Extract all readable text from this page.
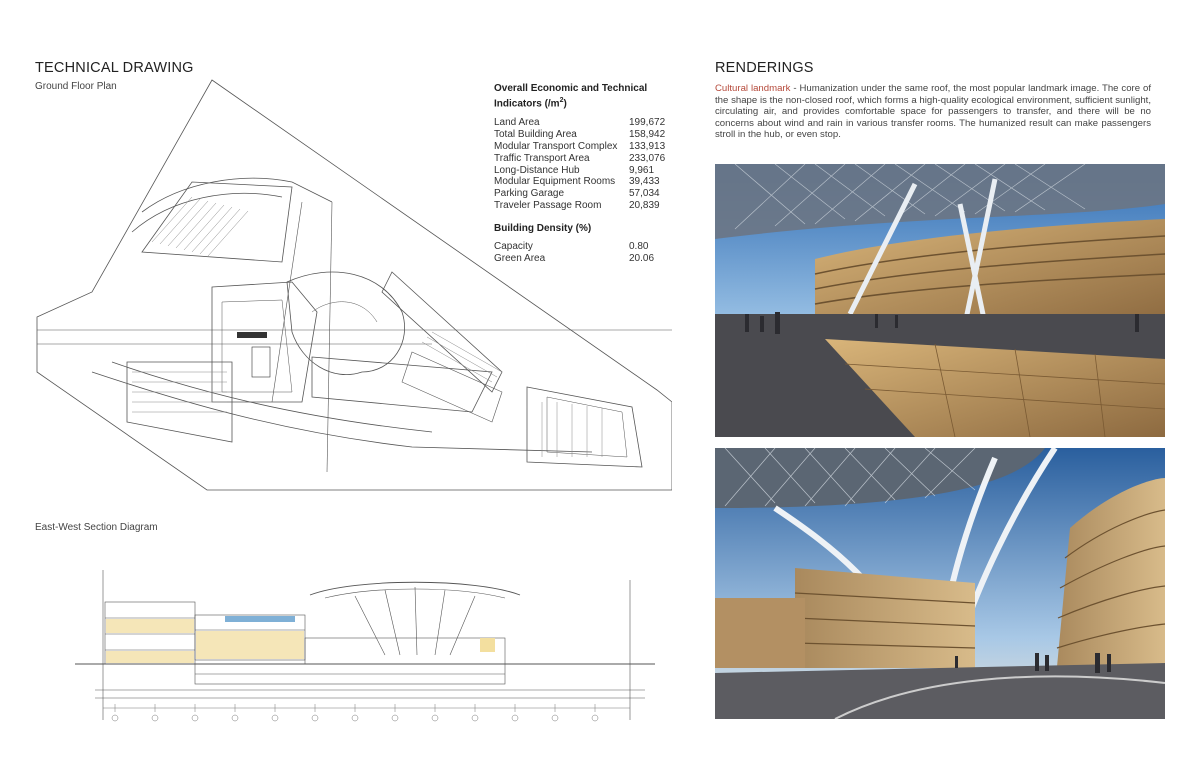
TECHNICAL DRAWING
Ground Floor Plan
East-West Section Diagram
Overall Economic and Technical Indicators $(/m^2)$
Land Area	199,672
Total Building Area	158,942
Modular Transport Complex 133,913
Traffic Transport Area	233,076
Long-Distance Hub	9,961
Modular Equipment Rooms 39,433
Parking Garage	57,034
Traveler Passage Room	20,839
Building Density (%)
Capacity	0.80
Green Area	20.06
RENDERINGS
Cultural landmark - Humanization under the same roof, the most popular landmark image. The core of the shape is the non-closed roof, which forms a high-quality ecological environment, sufficient sunlight, circulating air, and provides comfortable space for passengers to transfer, and there will be no concerns about wind and rain in various transfer rooms. The humanized result can make passengers stroll in the hub, or even stop.
